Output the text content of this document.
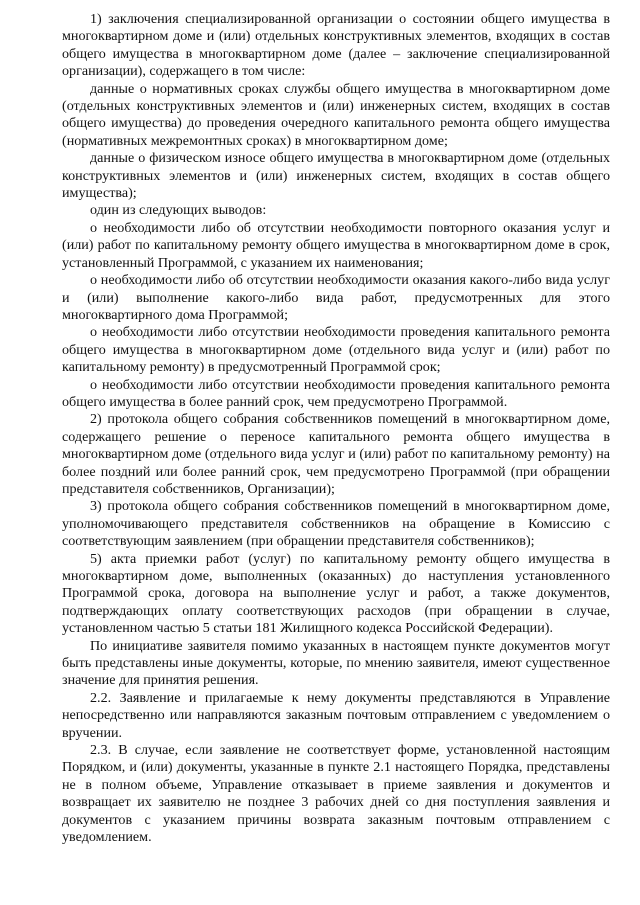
1) заключения специализированной организации о состоянии общего имущества в многоквартирном доме и (или) отдельных конструктивных элементов, входящих в состав общего имущества в многоквартирном доме (далее – заключение специализированной организации), содержащего в том числе:

данные о нормативных сроках службы общего имущества в многоквартирном доме (отдельных конструктивных элементов и (или) инженерных систем, входящих в состав общего имущества) до проведения очередного капитального ремонта общего имущества (нормативных межремонтных сроках) в многоквартирном доме;

данные о физическом износе общего имущества в многоквартирном доме (отдельных конструктивных элементов и (или) инженерных систем, входящих в состав общего имущества);

один из следующих выводов:

о необходимости либо об отсутствии необходимости повторного оказания услуг и (или) работ по капитальному ремонту общего имущества в многоквартирном доме в срок, установленный Программой, с указанием их наименования;

о необходимости либо об отсутствии необходимости оказания какого-либо вида услуг и (или) выполнение какого-либо вида работ, предусмотренных для этого многоквартирного дома Программой;

о необходимости либо отсутствии необходимости проведения капитального ремонта общего имущества в многоквартирном доме (отдельного вида услуг и (или) работ по капитальному ремонту) в предусмотренный Программой срок;

о необходимости либо отсутствии необходимости проведения капитального ремонта общего имущества в более ранний срок, чем предусмотрено Программой.

2) протокола общего собрания собственников помещений в многоквартирном доме, содержащего решение о переносе капитального ремонта общего имущества в многоквартирном доме (отдельного вида услуг и (или) работ по капитальному ремонту) на более поздний или более ранний срок, чем предусмотрено Программой (при обращении представителя собственников, Организации);

3) протокола общего собрания собственников помещений в многоквартирном доме, уполномочивающего представителя собственников на обращение в Комиссию с соответствующим заявлением (при обращении представителя собственников);

5) акта приемки работ (услуг) по капитальному ремонту общего имущества в многоквартирном доме, выполненных (оказанных) до наступления установленного Программой срока, договора на выполнение услуг и работ, а также документов, подтверждающих оплату соответствующих расходов (при обращении в случае, установленном частью 5 статьи 181 Жилищного кодекса Российской Федерации).

По инициативе заявителя помимо указанных в настоящем пункте документов могут быть представлены иные документы, которые, по мнению заявителя, имеют существенное значение для принятия решения.

2.2. Заявление и прилагаемые к нему документы представляются в Управление непосредственно или направляются заказным почтовым отправлением с уведомлением о вручении.

2.3. В случае, если заявление не соответствует форме, установленной настоящим Порядком, и (или) документы, указанные в пункте 2.1 настоящего Порядка, представлены не в полном объеме, Управление отказывает в приеме заявления и документов и возвращает их заявителю не позднее 3 рабочих дней со дня поступления заявления и документов с указанием причины возврата заказным почтовым отправлением с уведомлением.
